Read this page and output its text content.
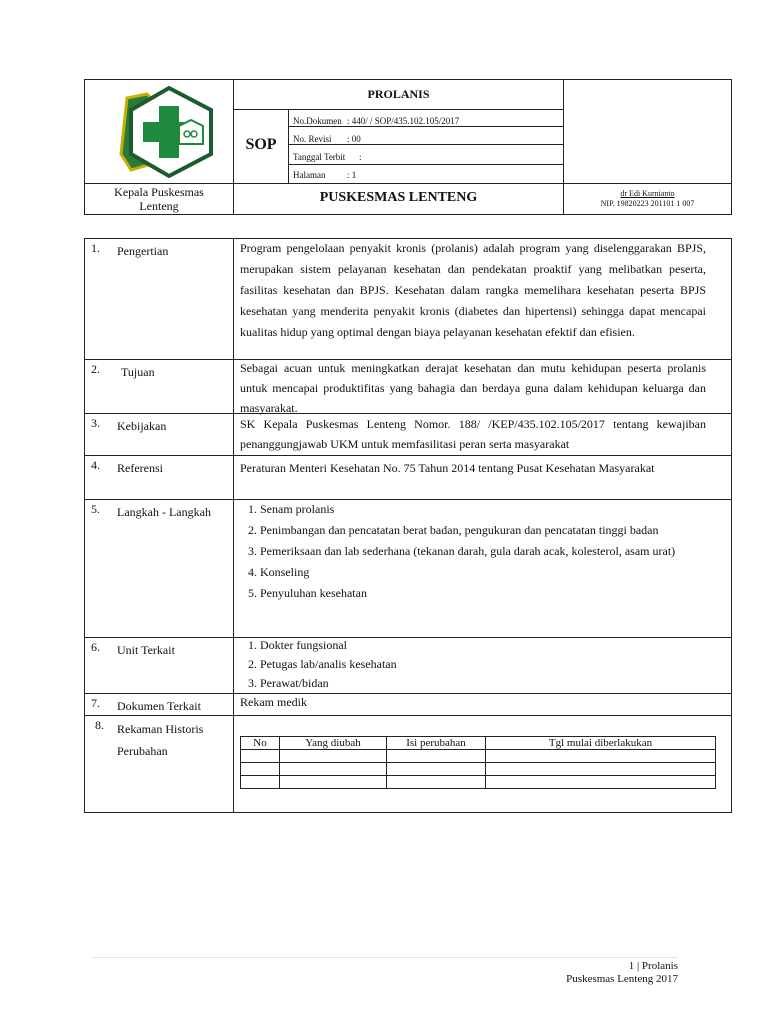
PROLANIS
SOP
No.Dokumen : 440/ / SOP/435.102.105/2017
No. Revisi : 00
Tanggal Terbit :
Halaman : 1
Kepala Puskesmas
Lenteng
PUSKESMAS LENTENG	dr Edi Kurnianto
NIP. 19820223 201101 1 007
1. Pengertian	Program pengelolaan penyakit kronis (prolanis) adalah program yang diselenggarakan BPJS, merupakan sistem pelayanan kesehatan dan pendekatan proaktif yang melibatkan peserta, fasilitas kesehatan dan BPJS. Kesehatan dalam rangka memelihara kesehatan peserta BPJS kesehatan yang menderita penyakit kronis (diabetes dan hipertensi) sehingga dapat mencapai kualitas hidup yang optimal dengan biaya pelayanan kesehatan efektif dan efisien.
2. Tujuan	Sebagai acuan untuk meningkatkan derajat kesehatan dan mutu kehidupan peserta prolanis untuk mencapai produktifitas yang bahagia dan berdaya guna dalam kehidupan keluarga dan masyarakat.
3. Kebijakan	SK Kepala Puskesmas Lenteng Nomor. 188/ /KEP/435.102.105/2017 tentang kewajiban penanggungjawab UKM untuk memfasilitasi peran serta masyarakat
4. Referensi	Peraturan Menteri Kesehatan No. 75 Tahun 2014 tentang Pusat Kesehatan Masyarakat
5. Langkah - Langkah	1. Senam prolanis
2. Penimbangan dan pencatatan berat badan, pengukuran dan pencatatan tinggi badan
3. Pemeriksaan dan lab sederhana (tekanan darah, gula darah acak, kolesterol, asam urat)
4. Konseling
5. Penyuluhan kesehatan
6. Unit Terkait	1. Dokter fungsional
2. Petugas lab/analis kesehatan
3. Perawat/bidan
7. Dokumen Terkait	Rekam medik
8. Rekaman Historis
Perubahan
No	Yang diubah	Isi perubahan	Tgl mulai diberlakukan

1 | Prolanis
Puskesmas Lenteng 2017
